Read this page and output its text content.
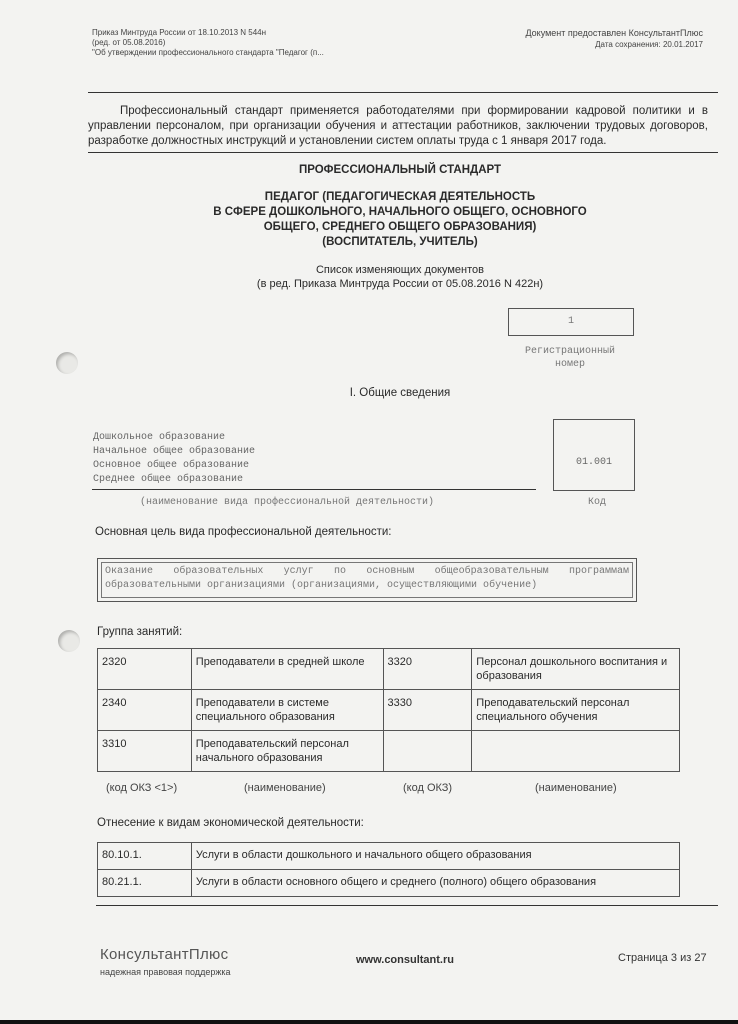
Приказ Минтруда России от 18.10.2013 N 544н
(ред. от 05.08.2016)
"Об утверждении профессионального стандарта "Педагог (п...
Документ предоставлен КонсультантПлюс
Дата сохранения: 20.01.2017
Профессиональный стандарт применяется работодателями при формировании кадровой политики и в управлении персоналом, при организации обучения и аттестации работников, заключении трудовых договоров, разработке должностных инструкций и установлении систем оплаты труда с 1 января 2017 года.
ПРОФЕССИОНАЛЬНЫЙ СТАНДАРТ
ПЕДАГОГ (ПЕДАГОГИЧЕСКАЯ ДЕЯТЕЛЬНОСТЬ
В СФЕРЕ ДОШКОЛЬНОГО, НАЧАЛЬНОГО ОБЩЕГО, ОСНОВНОГО
ОБЩЕГО, СРЕДНЕГО ОБЩЕГО ОБРАЗОВАНИЯ)
(ВОСПИТАТЕЛЬ, УЧИТЕЛЬ)
Список изменяющих документов
(в ред. Приказа Минтруда России от 05.08.2016 N 422н)
1
Регистрационный
номер
I. Общие сведения
Дошкольное образование
Начальное общее образование
Основное общее образование
Среднее общее образование
01.001
(наименование вида профессиональной деятельности)	Код
Основная цель вида профессиональной деятельности:
Оказание образовательных услуг по основным общеобразовательным программам образовательными организациями (организациями, осуществляющими обучение)
Группа занятий:
2320	Преподаватели в средней школе	3320	Персонал дошкольного воспитания и образования
2340	Преподаватели в системе специального образования	3330	Преподавательский персонал специального обучения
3310	Преподавательский персонал начального образования		
(код ОКЗ <1>)	(наименование)	(код ОКЗ)	(наименование)
Отнесение к видам экономической деятельности:
80.10.1.	Услуги в области дошкольного и начального общего образования
80.21.1.	Услуги в области основного общего и среднего (полного) общего образования
КонсультантПлюс
надежная правовая поддержка
www.consultant.ru	Страница 3 из 27
